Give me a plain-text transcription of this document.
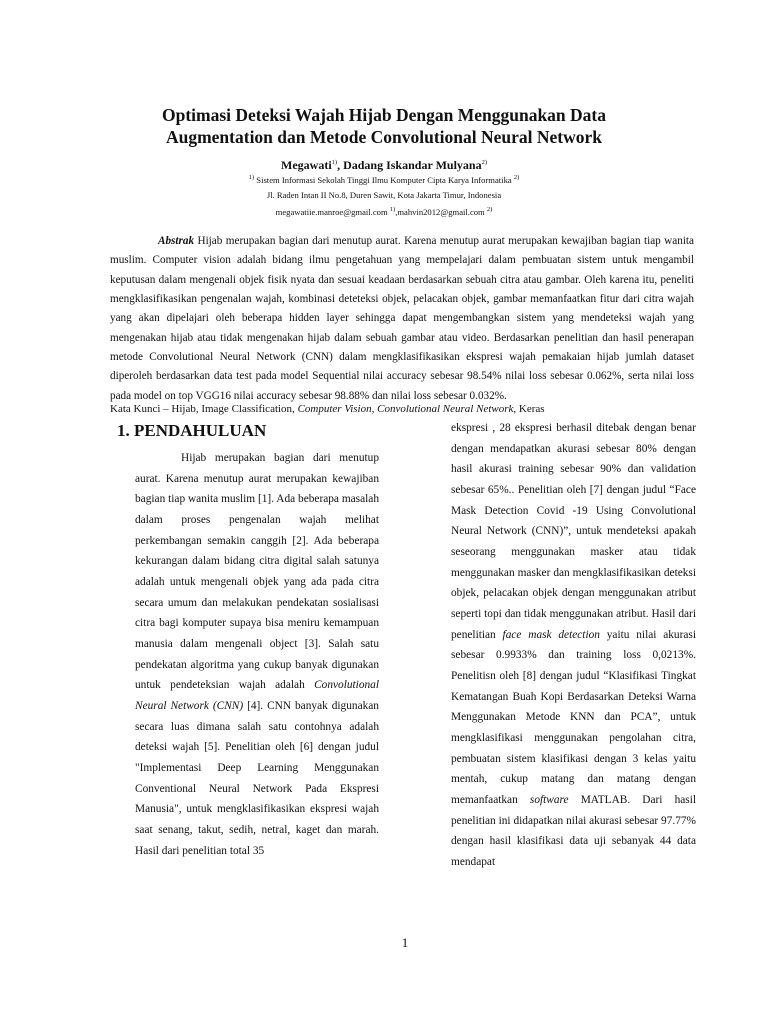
Optimasi Deteksi Wajah Hijab Dengan Menggunakan Data
Augmentation dan Metode Convolutional Neural Network
Megawati$^{1)}$, Dadang Iskandar Mulyana$^{2)}$
$^{1)}$ Sistem Informasi Sekolah Tinggi Ilmu Komputer Cipta Karya Informatika $^{2)}$
Jl. Raden Intan II No.8, Duren Sawit, Kota Jakarta Timur, Indonesia
megawatiie.manroe@gmail.com $^{1)}$,mahvin2012@gmail.com $^{2)}$

Abstrak Hijab merupakan bagian dari menutup aurat. Karena menutup aurat merupakan kewajiban bagian tiap wanita muslim. Computer vision adalah bidang ilmu pengetahuan yang mempelajari dalam pembuatan sistem untuk mengambil keputusan dalam mengenali objek fisik nyata dan sesuai keadaan berdasarkan sebuah citra atau gambar. Oleh karena itu, peneliti mengklasifikasikan pengenalan wajah, kombinasi deteteksi objek, pelacakan objek, gambar memanfaatkan fitur dari citra wajah yang akan dipelajari oleh beberapa hidden layer sehingga dapat mengembangkan sistem yang mendeteksi wajah yang mengenakan hijab atau tidak mengenakan hijab dalam sebuah gambar atau video. Berdasarkan penelitian dan hasil penerapan metode Convolutional Neural Network (CNN) dalam mengklasifikasikan ekspresi wajah pemakaian hijab jumlah dataset diperoleh berdasarkan data test pada model Sequential nilai accuracy sebesar 98.54% nilai loss sebesar 0.062%, serta nilai loss pada model on top VGG16 nilai accuracy sebesar 98.88% dan nilai loss sebesar 0.032%.

Kata Kunci – Hijab, Image Classification, Computer Vision, Convolutional Neural Network, Keras
1. PENDAHULUAN

Hijab merupakan bagian dari menutup aurat. Karena menutup aurat merupakan kewajiban bagian tiap wanita muslim [1]. Ada beberapa masalah dalam proses pengenalan wajah melihat perkembangan semakin canggih [2]. Ada beberapa kekurangan dalam bidang citra digital salah satunya adalah untuk mengenali objek yang ada pada citra secara umum dan melakukan pendekatan sosialisasi citra bagi komputer supaya bisa meniru kemampuan manusia dalam mengenali object [3]. Salah satu pendekatan algoritma yang cukup banyak digunakan untuk pendeteksian wajah adalah Convolutional Neural Network (CNN) [4]. CNN banyak digunakan secara luas dimana salah satu contohnya adalah deteksi wajah [5]. Penelitian oleh [6] dengan judul "Implementasi Deep Learning Menggunakan Conventional Neural Network Pada Ekspresi Manusia", untuk mengklasifikasikan ekspresi wajah saat senang, takut, sedih, netral, kaget dan marah. Hasil dari penelitian total 35

ekspresi , 28 ekspresi berhasil ditebak dengan benar dengan mendapatkan akurasi sebesar 80% dengan hasil akurasi training sebesar 90% dan validation sebesar 65%.. Penelitian oleh [7] dengan judul “Face Mask Detection Covid -19 Using Convolutional Neural Network (CNN)”, untuk mendeteksi apakah seseorang menggunakan masker atau tidak menggunakan masker dan mengklasifikasikan deteksi objek, pelacakan objek dengan menggunakan atribut seperti topi dan tidak menggunakan atribut. Hasil dari penelitian face mask detection yaitu nilai akurasi sebesar 0.9933% dan training loss 0,0213%. Penelitisn oleh [8] dengan judul “Klasifikasi Tingkat Kematangan Buah Kopi Berdasarkan Deteksi Warna Menggunakan Metode KNN dan PCA”, untuk mengklasifikasi menggunakan pengolahan citra, pembuatan sistem klasifikasi dengan 3 kelas yaitu mentah, cukup matang dan matang dengan memanfaatkan software MATLAB. Dari hasil penelitian ini didapatkan nilai akurasi sebesar 97.77% dengan hasil klasifikasi data uji sebanyak 44 data mendapat

1
